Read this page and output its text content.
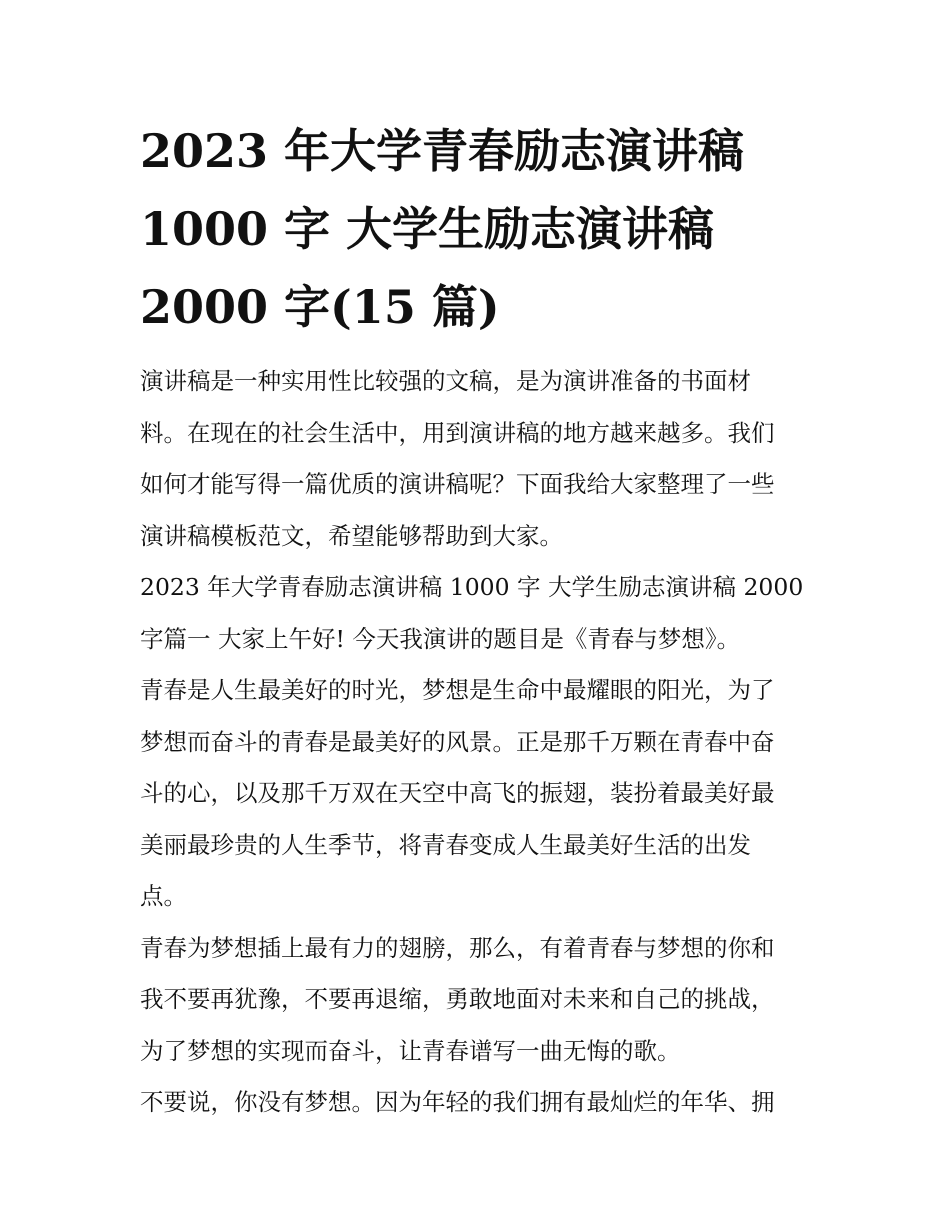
2023 年大学青春励志演讲稿
1000 字 大学生励志演讲稿
2000 字(15 篇)
演讲稿是一种实用性比较强的文稿，是为演讲准备的书面材
料。在现在的社会生活中，用到演讲稿的地方越来越多。我们
如何才能写得一篇优质的演讲稿呢？下面我给大家整理了一些
演讲稿模板范文，希望能够帮助到大家。
2023 年大学青春励志演讲稿 1000 字 大学生励志演讲稿 2000
字篇一 大家上午好! 今天我演讲的题目是《青春与梦想》。
青春是人生最美好的时光，梦想是生命中最耀眼的阳光，为了
梦想而奋斗的青春是最美好的风景。正是那千万颗在青春中奋
斗的心，以及那千万双在天空中高飞的振翅，装扮着最美好最
美丽最珍贵的人生季节，将青春变成人生最美好生活的出发
点。
青春为梦想插上最有力的翅膀，那么，有着青春与梦想的你和
我不要再犹豫，不要再退缩，勇敢地面对未来和自己的挑战，
为了梦想的实现而奋斗，让青春谱写一曲无悔的歌。
不要说，你没有梦想。因为年轻的我们拥有最灿烂的年华、拥
